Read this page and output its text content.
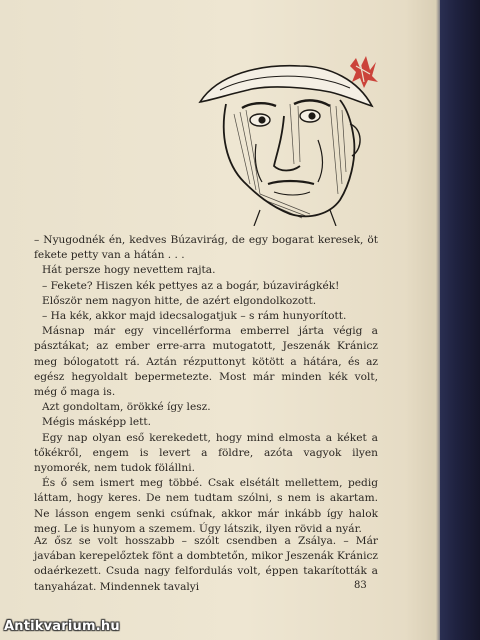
– Nyugodnék én, kedves Búzavirág, de egy bogarat keresek, öt fekete petty van a hátán . . .

Hát persze hogy nevettem rajta.

– Fekete? Hiszen kék pettyes az a bogár, búzavirágkék!

Először nem nagyon hitte, de azért elgondolkozott.

– Ha kék, akkor majd idecsalogatjuk – s rám hunyorított.

Másnap már egy vincellérforma emberrel járta végig a pásztákat; az ember erre-arra mutogatott, Jeszenák Kránicz meg bólogatott rá. Aztán rézputtonyt kötött a hátára, és az egész hegyoldalt bepermetezte. Most már minden kék volt, még ő maga is.

Azt gondoltam, örökké így lesz.

Mégis másképp lett.

Egy nap olyan eső kerekedett, hogy mind elmosta a kéket a tőkékről, engem is levert a földre, azóta vagyok ilyen nyomorék, nem tudok fölállni.

És ő sem ismert meg többé. Csak elsétált mellettem, pedig láttam, hogy keres. De nem tudtam szólni, s nem is akartam. Ne lásson engem senki csúfnak, akkor már inkább így halok meg. Le is hunyom a szemem. Úgy látszik, ilyen rövid a nyár.

Az ősz se volt hosszabb – szólt csendben a Zsálya. – Már javában kerepelőztek fönt a dombtetőn, mikor Jeszenák Kránicz odaérkezett. Csuda nagy felfordulás volt, éppen takarították a tanyaházat. Mindennek tavalyi	83
Antikvarium.hu
